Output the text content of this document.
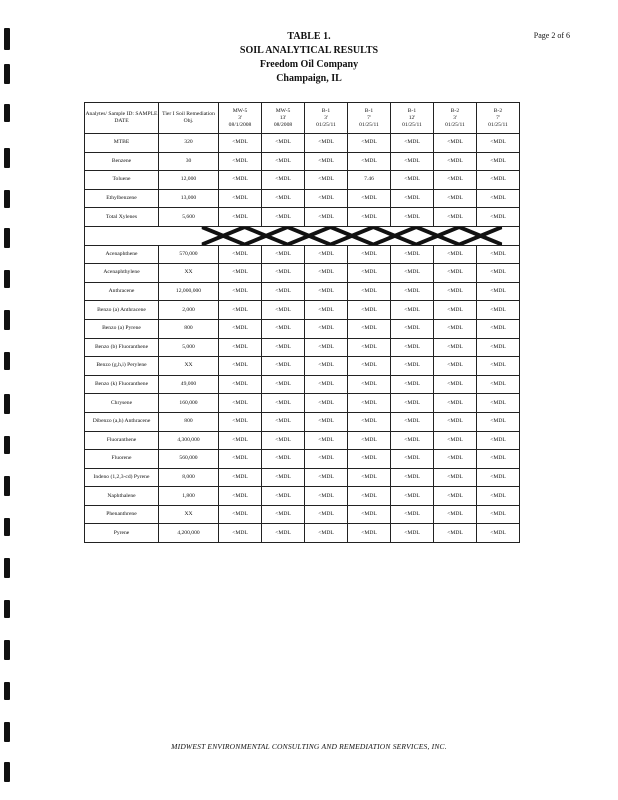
Page 2 of 6
TABLE 1.
SOIL ANALYTICAL RESULTS
Freedom Oil Company
Champaign, IL
Analytes/ Sample ID: SAMPLE DATE	Tier I Soil Remediation Obj.	MW-5
3'
08/1/2008	MW-5
13'
08/2008	B-1
3'
01/25/11	B-1
7'
01/25/11	B-1
12'
01/25/11	B-2
3'
01/25/11	B-2
7'
01/25/11
MTBE	320	<MDL	<MDL	<MDL	<MDL	<MDL	<MDL	<MDL
Benzene	30	<MDL	<MDL	<MDL	<MDL	<MDL	<MDL	<MDL
Toluene	12,000	<MDL	<MDL	<MDL	7.46	<MDL	<MDL	<MDL
Ethylbenzene	13,000	<MDL	<MDL	<MDL	<MDL	<MDL	<MDL	<MDL
Total Xylenes	5,600	<MDL	<MDL	<MDL	<MDL	<MDL	<MDL	<MDL

Acenaphthene	570,000	<MDL	<MDL	<MDL	<MDL	<MDL	<MDL	<MDL
Acenaphthylene	XX	<MDL	<MDL	<MDL	<MDL	<MDL	<MDL	<MDL
Anthracene	12,000,000	<MDL	<MDL	<MDL	<MDL	<MDL	<MDL	<MDL
Benzo (a) Anthracene	2,000	<MDL	<MDL	<MDL	<MDL	<MDL	<MDL	<MDL
Benzo (a) Pyrene	800	<MDL	<MDL	<MDL	<MDL	<MDL	<MDL	<MDL
Benzo (b) Fluoranthene	5,000	<MDL	<MDL	<MDL	<MDL	<MDL	<MDL	<MDL
Benzo (g,h,i) Perylene	XX	<MDL	<MDL	<MDL	<MDL	<MDL	<MDL	<MDL
Benzo (k) Fluoranthene	49,000	<MDL	<MDL	<MDL	<MDL	<MDL	<MDL	<MDL
Chrysene	160,000	<MDL	<MDL	<MDL	<MDL	<MDL	<MDL	<MDL
Dibenzo (a,h) Anthracene	800	<MDL	<MDL	<MDL	<MDL	<MDL	<MDL	<MDL
Fluoranthene	4,300,000	<MDL	<MDL	<MDL	<MDL	<MDL	<MDL	<MDL
Fluorene	560,000	<MDL	<MDL	<MDL	<MDL	<MDL	<MDL	<MDL
Indeno (1,2,3-cd) Pyrene	8,000	<MDL	<MDL	<MDL	<MDL	<MDL	<MDL	<MDL
Naphthalene	1,800	<MDL	<MDL	<MDL	<MDL	<MDL	<MDL	<MDL
Phenanthrene	XX	<MDL	<MDL	<MDL	<MDL	<MDL	<MDL	<MDL
Pyrene	4,200,000	<MDL	<MDL	<MDL	<MDL	<MDL	<MDL	<MDL
MIDWEST ENVIRONMENTAL CONSULTING AND REMEDIATION SERVICES, INC.
